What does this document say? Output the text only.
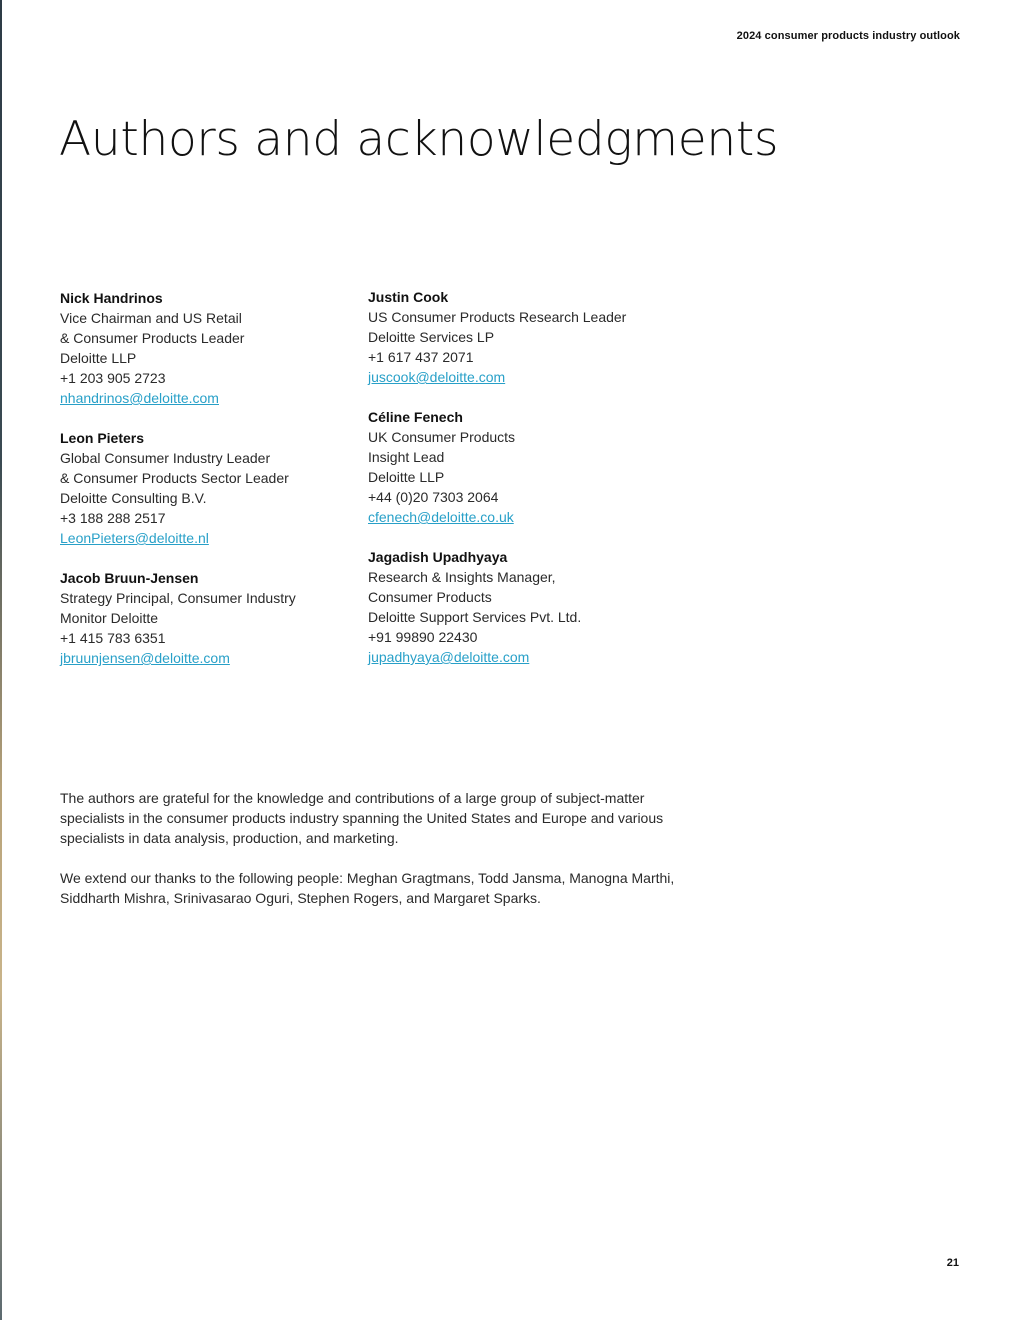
2024 consumer products industry outlook
Authors and acknowledgments
Nick Handrinos
Vice Chairman and US Retail
& Consumer Products Leader
Deloitte LLP
+1 203 905 2723
nhandrinos@deloitte.com
Leon Pieters
Global Consumer Industry Leader
& Consumer Products Sector Leader
Deloitte Consulting B.V.
+3 188 288 2517
LeonPieters@deloitte.nl
Jacob Bruun-Jensen
Strategy Principal, Consumer Industry
Monitor Deloitte
+1 415 783 6351
jbruunjensen@deloitte.com
Justin Cook
US Consumer Products Research Leader
Deloitte Services LP
+1 617 437 2071
juscook@deloitte.com
Céline Fenech
UK Consumer Products
Insight Lead
Deloitte LLP
+44 (0)20 7303 2064
cfenech@deloitte.co.uk
Jagadish Upadhyaya
Research & Insights Manager,
Consumer Products
Deloitte Support Services Pvt. Ltd.
+91 99890 22430
jupadhyaya@deloitte.com

The authors are grateful for the knowledge and contributions of a large group of subject-matter specialists in the consumer products industry spanning the United States and Europe and various specialists in data analysis, production, and marketing.

We extend our thanks to the following people: Meghan Gragtmans, Todd Jansma, Manogna Marthi, Siddharth Mishra, Srinivasarao Oguri, Stephen Rogers, and Margaret Sparks.

21
